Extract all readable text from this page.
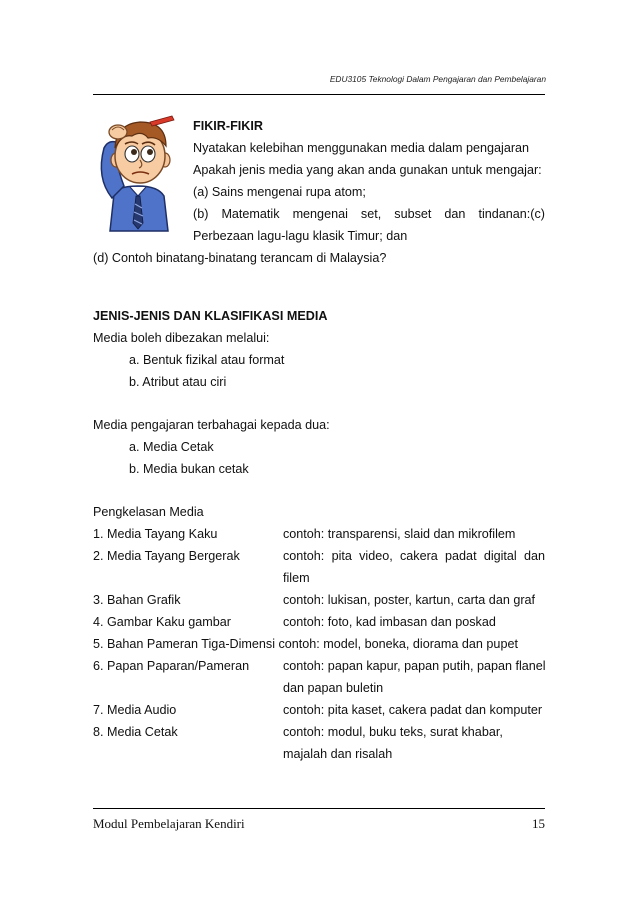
EDU3105 Teknologi Dalam Pengajaran dan Pembelajaran
FIKIR-FIKIR
Nyatakan kelebihan menggunakan media dalam pengajaran
Apakah jenis media yang akan anda gunakan untuk mengajar:
(a) Sains mengenai rupa atom;
(b) Matematik mengenai set, subset dan tindanan:(c)
Perbezaan lagu-lagu klasik Timur; dan
(d) Contoh binatang-binatang terancam di Malaysia?
JENIS-JENIS DAN KLASIFIKASI MEDIA
Media boleh dibezakan melalui:
a. Bentuk fizikal atau format
b. Atribut atau ciri
Media pengajaran terbahagai kepada dua:
a. Media Cetak
b. Media bukan cetak
Pengkelasan Media
1. Media Tayang Kaku	contoh: transparensi, slaid dan mikrofilem
2. Media Tayang Bergerak	contoh: pita video, cakera padat digital dan
filem
3. Bahan Grafik	contoh: lukisan, poster, kartun, carta dan graf
4. Gambar Kaku gambar	contoh: foto, kad imbasan dan poskad
5. Bahan Pameran Tiga-Dimensi contoh: model, boneka, diorama dan pupet
6. Papan Paparan/Pameran	contoh: papan kapur, papan putih, papan flanel
dan papan buletin
7. Media Audio	contoh: pita kaset, cakera padat dan komputer
8. Media Cetak	contoh: modul, buku teks, surat khabar,
majalah dan risalah
Modul Pembelajaran Kendiri	15
